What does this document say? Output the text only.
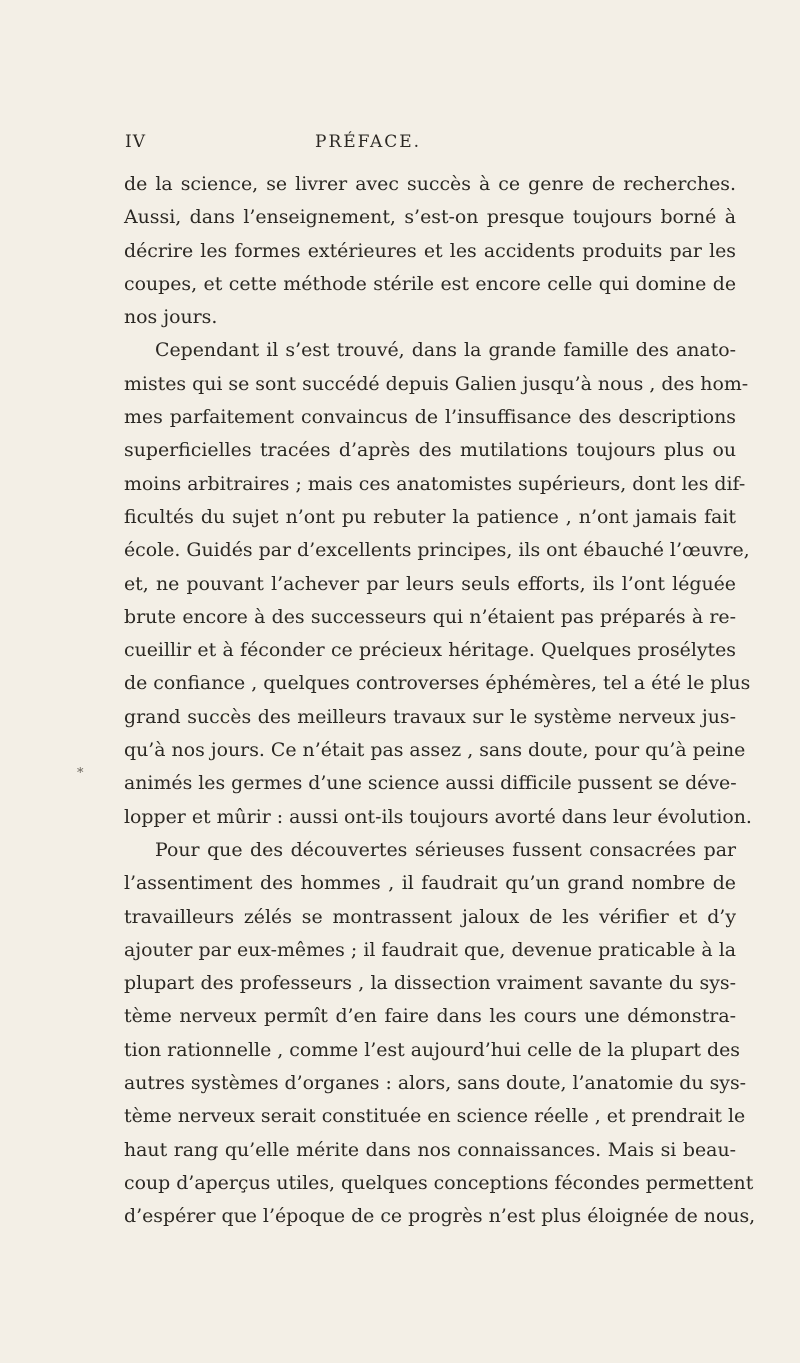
IV	PRÉFACE.
*
de la science, se livrer avec succès à ce genre de recherches.
Aussi, dans l’enseignement, s’est-on presque toujours borné à
décrire les formes extérieures et les accidents produits par les
coupes, et cette méthode stérile est encore celle qui domine de
nos jours.
Cependant il s’est trouvé, dans la grande famille des anato-
mistes qui se sont succédé depuis Galien jusqu’à nous , des hom-
mes parfaitement convaincus de l’insuffisance des descriptions
superficielles tracées d’après des mutilations toujours plus ou
moins arbitraires ; mais ces anatomistes supérieurs, dont les dif-
ficultés du sujet n’ont pu rebuter la patience , n’ont jamais fait
école. Guidés par d’excellents principes, ils ont ébauché l’œuvre,
et, ne pouvant l’achever par leurs seuls efforts, ils l’ont léguée
brute encore à des successeurs qui n’étaient pas préparés à re-
cueillir et à féconder ce précieux héritage. Quelques prosélytes
de confiance , quelques controverses éphémères, tel a été le plus
grand succès des meilleurs travaux sur le système nerveux jus-
qu’à nos jours. Ce n’était pas assez , sans doute, pour qu’à peine
animés les germes d’une science aussi difficile pussent se déve-
lopper et mûrir : aussi ont-ils toujours avorté dans leur évolution.
Pour que des découvertes sérieuses fussent consacrées par
l’assentiment des hommes , il faudrait qu’un grand nombre de
travailleurs zélés se montrassent jaloux de les vérifier et d’y
ajouter par eux-mêmes ; il faudrait que, devenue praticable à la
plupart des professeurs , la dissection vraiment savante du sys-
tème nerveux permît d’en faire dans les cours une démonstra-
tion rationnelle , comme l’est aujourd’hui celle de la plupart des
autres systèmes d’organes : alors, sans doute, l’anatomie du sys-
tème nerveux serait constituée en science réelle , et prendrait le
haut rang qu’elle mérite dans nos connaissances. Mais si beau-
coup d’aperçus utiles, quelques conceptions fécondes permettent
d’espérer que l’époque de ce progrès n’est plus éloignée de nous,
